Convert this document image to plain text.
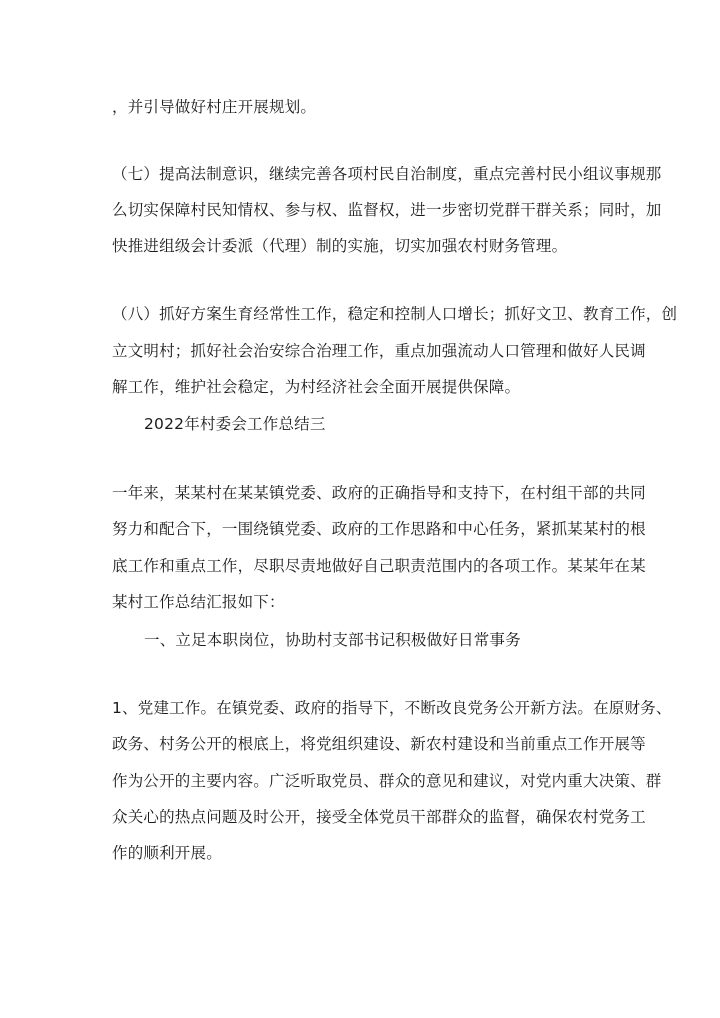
，并引导做好村庄开展规划。
（七）提高法制意识，继续完善各项村民自治制度，重点完善村民小组议事规那
么切实保障村民知情权、参与权、监督权，进一步密切党群干群关系；同时，加
快推进组级会计委派（代理）制的实施，切实加强农村财务管理。
（八）抓好方案生育经常性工作，稳定和控制人口增长；抓好文卫、教育工作，创
立文明村；抓好社会治安综合治理工作，重点加强流动人口管理和做好人民调
解工作，维护社会稳定，为村经济社会全面开展提供保障。
2022年村委会工作总结三
一年来，某某村在某某镇党委、政府的正确指导和支持下，在村组干部的共同
努力和配合下，一围绕镇党委、政府的工作思路和中心任务，紧抓某某村的根
底工作和重点工作，尽职尽责地做好自己职责范围内的各项工作。某某年在某
某村工作总结汇报如下：
一、立足本职岗位，协助村支部书记积极做好日常事务
1、党建工作。在镇党委、政府的指导下，不断改良党务公开新方法。在原财务、
政务、村务公开的根底上，将党组织建设、新农村建设和当前重点工作开展等
作为公开的主要内容。广泛听取党员、群众的意见和建议，对党内重大决策、群
众关心的热点问题及时公开，接受全体党员干部群众的监督，确保农村党务工
作的顺利开展。
